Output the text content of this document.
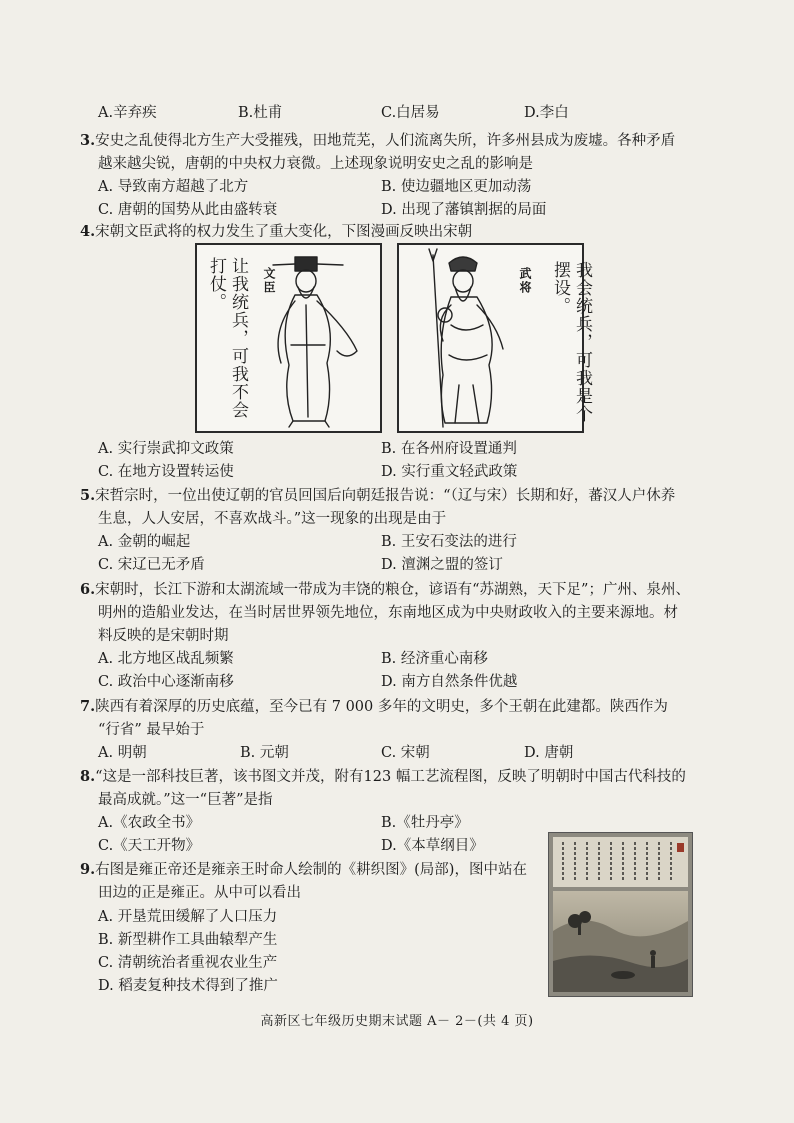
A.辛弃疾	B.杜甫	C.白居易	D.李白
3.安史之乱使得北方生产大受摧残，田地荒芜，人们流离失所，许多州县成为废墟。各种矛盾
越来越尖锐，唐朝的中央权力衰微。上述现象说明安史之乱的影响是
A. 导致南方超越了北方	B. 使边疆地区更加动荡
C. 唐朝的国势从此由盛转衰	D. 出现了藩镇割据的局面
4.宋朝文臣武将的权力发生了重大变化，下图漫画反映出宋朝
让我统兵，可我不会打仗。	文臣	我会统兵，可我是个摆设。
武将
A. 实行崇武抑文政策	B. 在各州府设置通判
C. 在地方设置转运使	D. 实行重文轻武政策
5.宋哲宗时，一位出使辽朝的官员回国后向朝廷报告说：“（辽与宋）长期和好，蕃汉人户休养
生息，人人安居，不喜欢战斗。”这一现象的出现是由于
A. 金朝的崛起	B. 王安石变法的进行
C. 宋辽已无矛盾	D. 澶渊之盟的签订
6.宋朝时，长江下游和太湖流域一带成为丰饶的粮仓，谚语有“苏湖熟，天下足”；广州、泉州、
明州的造船业发达，在当时居世界领先地位，东南地区成为中央财政收入的主要来源地。材
料反映的是宋朝时期
A. 北方地区战乱频繁	B. 经济重心南移
C. 政治中心逐渐南移	D. 南方自然条件优越
7.陕西有着深厚的历史底蕴，至今已有 7 000 多年的文明史，多个王朝在此建都。陕西作为
“行省” 最早始于
A. 明朝	B. 元朝	C. 宋朝	D. 唐朝
8.“这是一部科技巨著，该书图文并茂，附有123 幅工艺流程图，反映了明朝时中国古代科技的
最高成就。”这一“巨著”是指
A.《农政全书》	B.《牡丹亭》
C.《天工开物》	D.《本草纲目》
9.右图是雍正帝还是雍亲王时命人绘制的《耕织图》(局部)，图中站在
田边的正是雍正。从中可以看出
A. 开垦荒田缓解了人口压力
B. 新型耕作工具曲辕犁产生
C. 清朝统治者重视农业生产
D. 稻麦复种技术得到了推广
高新区七年级历史期末试题 A－ 2－(共 4 页)
